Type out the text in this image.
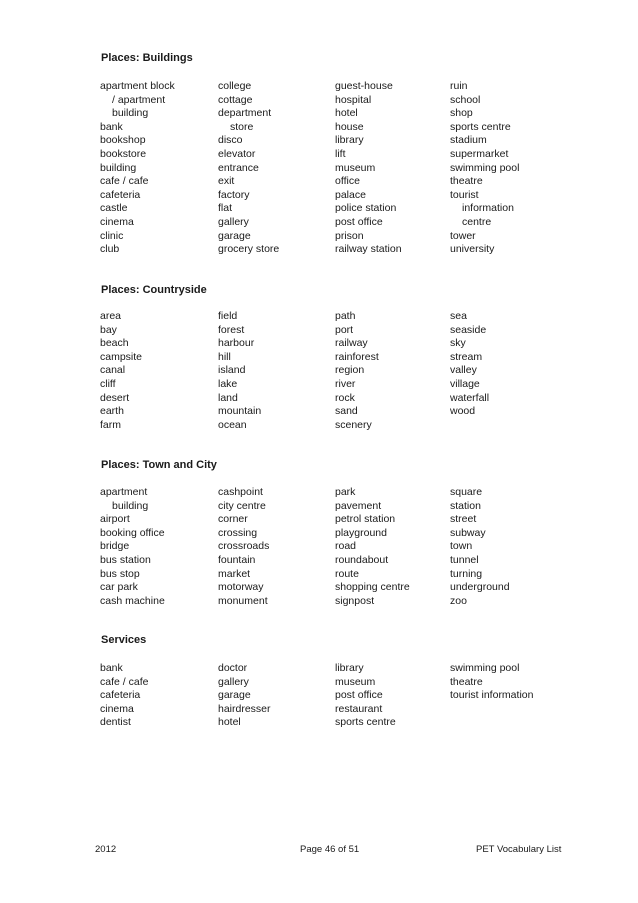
Places: Buildings
apartment block
/ apartment
building
bank
bookshop
bookstore
building
cafe / cafe
cafeteria
castle
cinema
clinic
club
college
cottage
department
store
disco
elevator
entrance
exit
factory
flat
gallery
garage
grocery store
guest-house
hospital
hotel
house
library
lift
museum
office
palace
police station
post office
prison
railway station
ruin
school
shop
sports centre
stadium
supermarket
swimming pool
theatre
tourist
information
centre
tower
university
Places: Countryside
area
bay
beach
campsite
canal
cliff
desert
earth
farm
field
forest
harbour
hill
island
lake
land
mountain
ocean
path
port
railway
rainforest
region
river
rock
sand
scenery
sea
seaside
sky
stream
valley
village
waterfall
wood
Places: Town and City
apartment
building
airport
booking office
bridge
bus station
bus stop
car park
cash machine
cashpoint
city centre
corner
crossing
crossroads
fountain
market
motorway
monument
park
pavement
petrol station
playground
road
roundabout
route
shopping centre
signpost
square
station
street
subway
town
tunnel
turning
underground
zoo
Services
bank
cafe / cafe
cafeteria
cinema
dentist
doctor
gallery
garage
hairdresser
hotel
library
museum
post office
restaurant
sports centre
swimming pool
theatre
tourist information
2012	Page 46 of 51	PET Vocabulary List
